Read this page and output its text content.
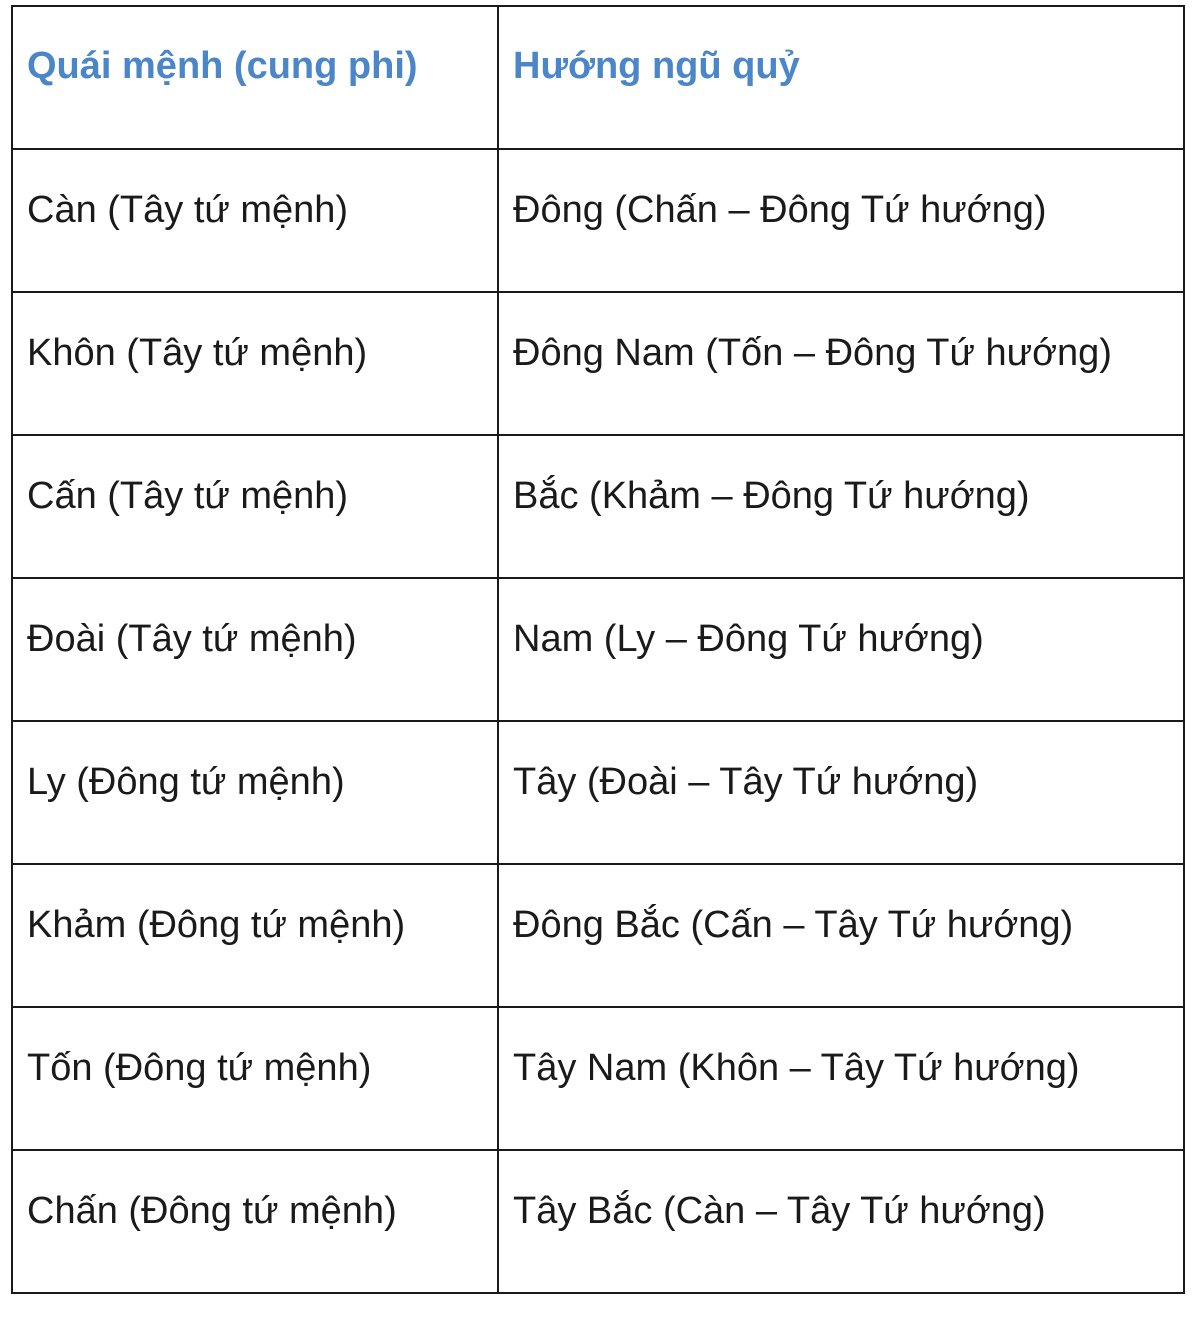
Quái mệnh (cung phi)	Hướng ngũ quỷ
Càn (Tây tứ mệnh)	Đông (Chấn – Đông Tứ hướng)
Khôn (Tây tứ mệnh)	Đông Nam (Tốn – Đông Tứ hướng)
Cấn (Tây tứ mệnh)	Bắc (Khảm – Đông Tứ hướng)
Đoài (Tây tứ mệnh)	Nam (Ly – Đông Tứ hướng)
Ly (Đông tứ mệnh)	Tây (Đoài – Tây Tứ hướng)
Khảm (Đông tứ mệnh)	Đông Bắc (Cấn – Tây Tứ hướng)
Tốn (Đông tứ mệnh)	Tây Nam (Khôn – Tây Tứ hướng)
Chấn (Đông tứ mệnh)	Tây Bắc (Càn – Tây Tứ hướng)
